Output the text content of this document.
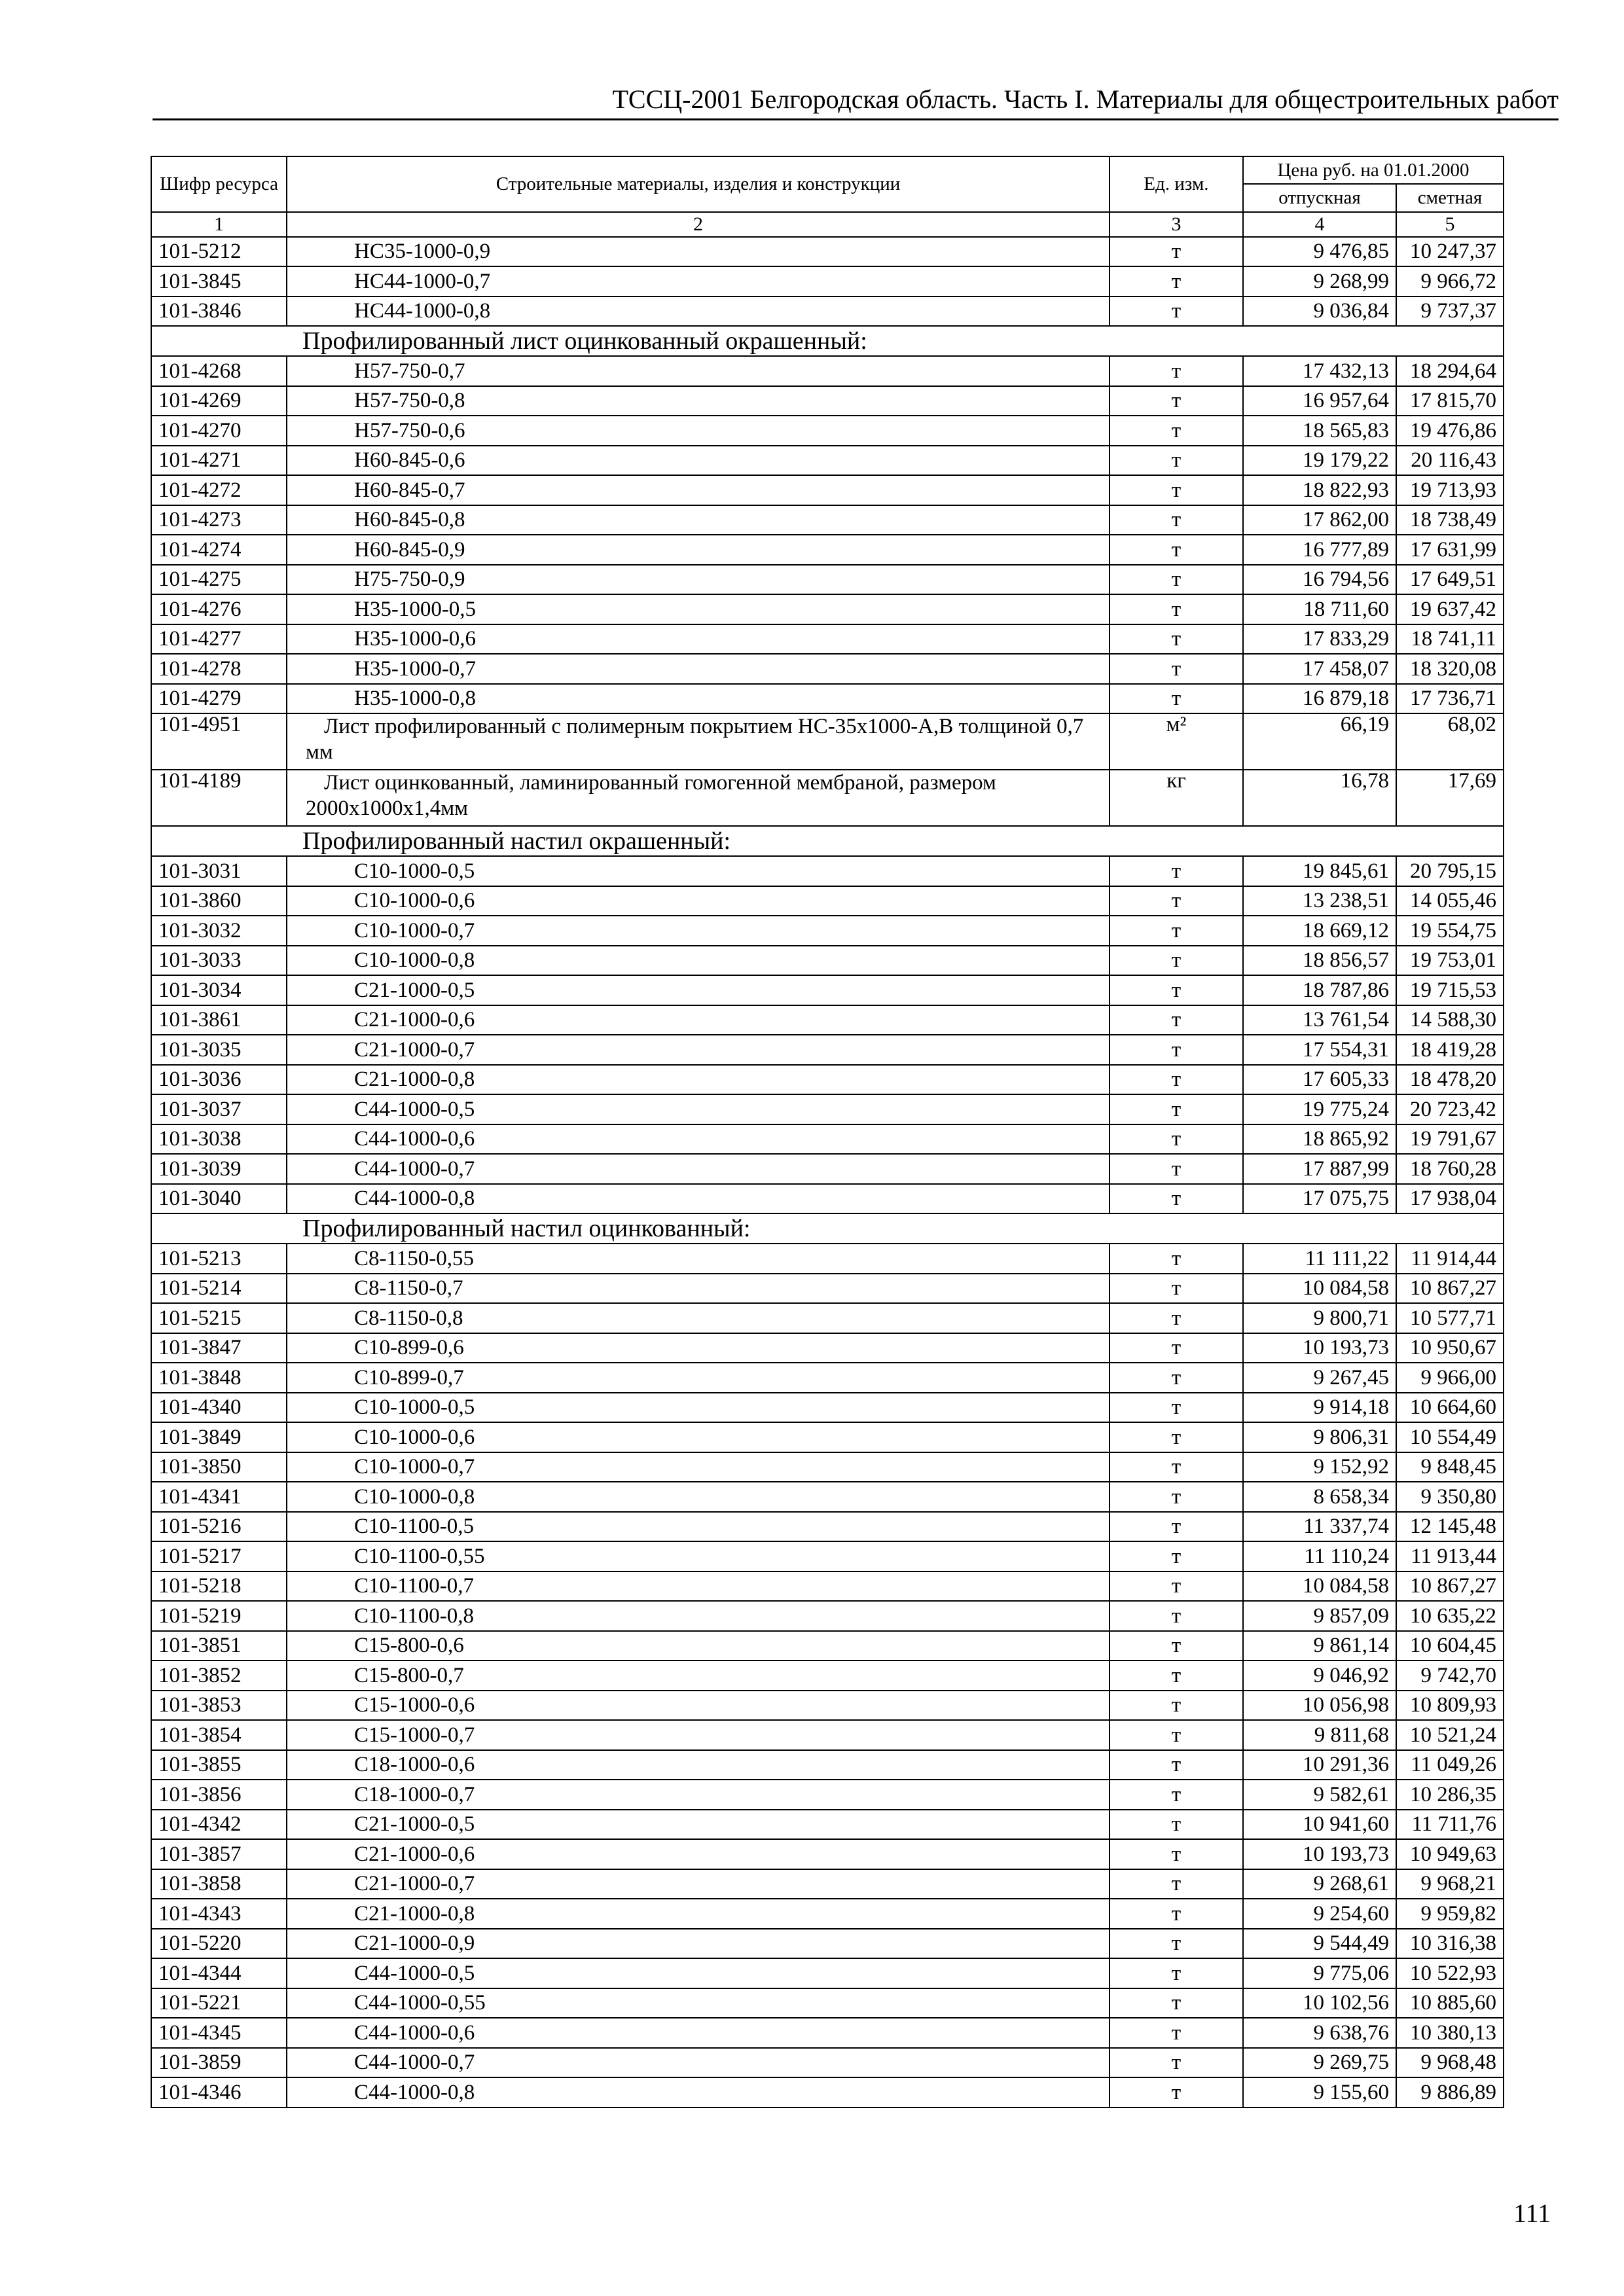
ТССЦ-2001 Белгородская область. Часть I. Материалы для общестроительных работ
Шифр ресурса	Строительные материалы, изделия и конструкции	Ед. изм.	Цена руб. на 01.01.2000	
			отпускная	сметная
1	2	3	4	5
101-5212	НС35-1000-0,9	т	9 476,85	10 247,37
101-3845	НС44-1000-0,7	т	9 268,99	9 966,72
101-3846	НС44-1000-0,8	т	9 036,84	9 737,37
Профилированный лист оцинкованный окрашенный:				
101-4268	Н57-750-0,7	т	17 432,13	18 294,64
101-4269	Н57-750-0,8	т	16 957,64	17 815,70
101-4270	Н57-750-0,6	т	18 565,83	19 476,86
101-4271	Н60-845-0,6	т	19 179,22	20 116,43
101-4272	Н60-845-0,7	т	18 822,93	19 713,93
101-4273	Н60-845-0,8	т	17 862,00	18 738,49
101-4274	Н60-845-0,9	т	16 777,89	17 631,99
101-4275	Н75-750-0,9	т	16 794,56	17 649,51
101-4276	Н35-1000-0,5	т	18 711,60	19 637,42
101-4277	Н35-1000-0,6	т	17 833,29	18 741,11
101-4278	Н35-1000-0,7	т	17 458,07	18 320,08
101-4279	Н35-1000-0,8	т	16 879,18	17 736,71
101-4951	Лист профилированный с полимерным покрытием НС-35х1000-А,В толщиной 0,7 мм	м²	66,19	68,02
101-4189	Лист оцинкованный, ламинированный гомогенной мембраной, размером 2000х1000х1,4мм	кг	16,78	17,69
Профилированный настил окрашенный:				
101-3031	С10-1000-0,5	т	19 845,61	20 795,15
101-3860	С10-1000-0,6	т	13 238,51	14 055,46
101-3032	С10-1000-0,7	т	18 669,12	19 554,75
101-3033	С10-1000-0,8	т	18 856,57	19 753,01
101-3034	С21-1000-0,5	т	18 787,86	19 715,53
101-3861	С21-1000-0,6	т	13 761,54	14 588,30
101-3035	С21-1000-0,7	т	17 554,31	18 419,28
101-3036	С21-1000-0,8	т	17 605,33	18 478,20
101-3037	С44-1000-0,5	т	19 775,24	20 723,42
101-3038	С44-1000-0,6	т	18 865,92	19 791,67
101-3039	С44-1000-0,7	т	17 887,99	18 760,28
101-3040	С44-1000-0,8	т	17 075,75	17 938,04
Профилированный настил оцинкованный:				
101-5213	С8-1150-0,55	т	11 111,22	11 914,44
101-5214	С8-1150-0,7	т	10 084,58	10 867,27
101-5215	С8-1150-0,8	т	9 800,71	10 577,71
101-3847	С10-899-0,6	т	10 193,73	10 950,67
101-3848	С10-899-0,7	т	9 267,45	9 966,00
101-4340	С10-1000-0,5	т	9 914,18	10 664,60
101-3849	С10-1000-0,6	т	9 806,31	10 554,49
101-3850	С10-1000-0,7	т	9 152,92	9 848,45
101-4341	С10-1000-0,8	т	8 658,34	9 350,80
101-5216	С10-1100-0,5	т	11 337,74	12 145,48
101-5217	С10-1100-0,55	т	11 110,24	11 913,44
101-5218	С10-1100-0,7	т	10 084,58	10 867,27
101-5219	С10-1100-0,8	т	9 857,09	10 635,22
101-3851	С15-800-0,6	т	9 861,14	10 604,45
101-3852	С15-800-0,7	т	9 046,92	9 742,70
101-3853	С15-1000-0,6	т	10 056,98	10 809,93
101-3854	С15-1000-0,7	т	9 811,68	10 521,24
101-3855	С18-1000-0,6	т	10 291,36	11 049,26
101-3856	С18-1000-0,7	т	9 582,61	10 286,35
101-4342	С21-1000-0,5	т	10 941,60	11 711,76
101-3857	С21-1000-0,6	т	10 193,73	10 949,63
101-3858	С21-1000-0,7	т	9 268,61	9 968,21
101-4343	С21-1000-0,8	т	9 254,60	9 959,82
101-5220	С21-1000-0,9	т	9 544,49	10 316,38
101-4344	С44-1000-0,5	т	9 775,06	10 522,93
101-5221	С44-1000-0,55	т	10 102,56	10 885,60
101-4345	С44-1000-0,6	т	9 638,76	10 380,13
101-3859	С44-1000-0,7	т	9 269,75	9 968,48
101-4346	С44-1000-0,8	т	9 155,60	9 886,89
111
